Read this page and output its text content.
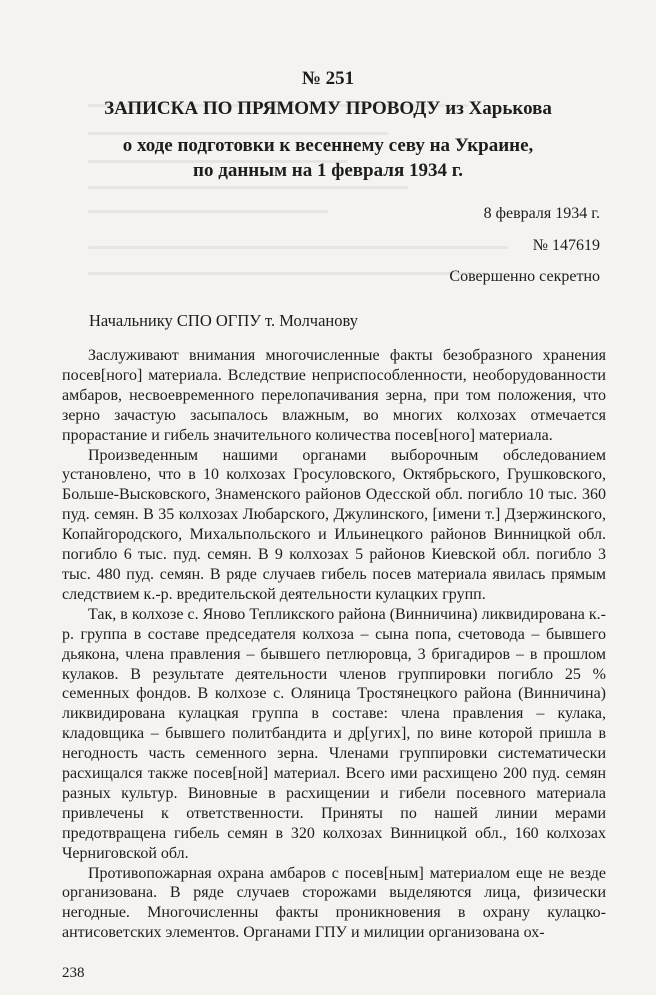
№ 251
ЗАПИСКА ПО ПРЯМОМУ ПРОВОДУ из Харькова
о ходе подготовки к весеннему севу на Украине,
по данным на 1 февраля 1934 г.
8 февраля 1934 г.
№ 147619
Совершенно секретно
Начальнику СПО ОГПУ т. Молчанову

Заслуживают внимания многочисленные факты безобразного хранения посев[ного] материала. Вследствие неприспособленности, необорудованности амбаров, несвоевременного перелопачивания зерна, при том положения, что зерно зачастую засыпалось влажным, во многих колхозах отмечается прорастание и гибель значительного количества посев[ного] материала.

Произведенным нашими органами выборочным обследованием установлено, что в 10 колхозах Гросуловского, Октябрьского, Грушковского, Больше-Высковского, Знаменского районов Одесской обл. погибло 10 тыс. 360 пуд. семян. В 35 колхозах Любарского, Джулинского, [имени т.] Дзержинского, Копайгородского, Михальпольского и Ильинецкого районов Винницкой обл. погибло 6 тыс. пуд. семян. В 9 колхозах 5 районов Киевской обл. погибло 3 тыс. 480 пуд. семян. В ряде случаев гибель посев материала явилась прямым следствием к.-р. вредительской деятельности кулацких групп.

Так, в колхозе с. Яново Тепликского района (Винничина) ликвидирована к.-р. группа в составе председателя колхоза – сына попа, счетовода – бывшего дьякона, члена правления – бывшего петлюровца, 3 бригадиров – в прошлом кулаков. В результате деятельности членов группировки погибло 25 % семенных фондов. В колхозе с. Оляница Тростянецкого района (Винничина) ликвидирована кулацкая группа в составе: члена правления – кулака, кладовщика – бывшего политбандита и др[угих], по вине которой пришла в негодность часть семенного зерна. Членами группировки систематически расхищался также посев[ной] материал. Всего ими расхищено 200 пуд. семян разных культур. Виновные в расхищении и гибели посевного материала привлечены к ответственности. Приняты по нашей линии мерами предотвращена гибель семян в 320 колхозах Винницкой обл., 160 колхозах Черниговской обл.

Противопожарная охрана амбаров с посев[ным] материалом еще не везде организована. В ряде случаев сторожами выделяются лица, физически негодные. Многочисленны факты проникновения в охрану кулацко-антисоветских элементов. Органами ГПУ и милиции организована ох-

238
